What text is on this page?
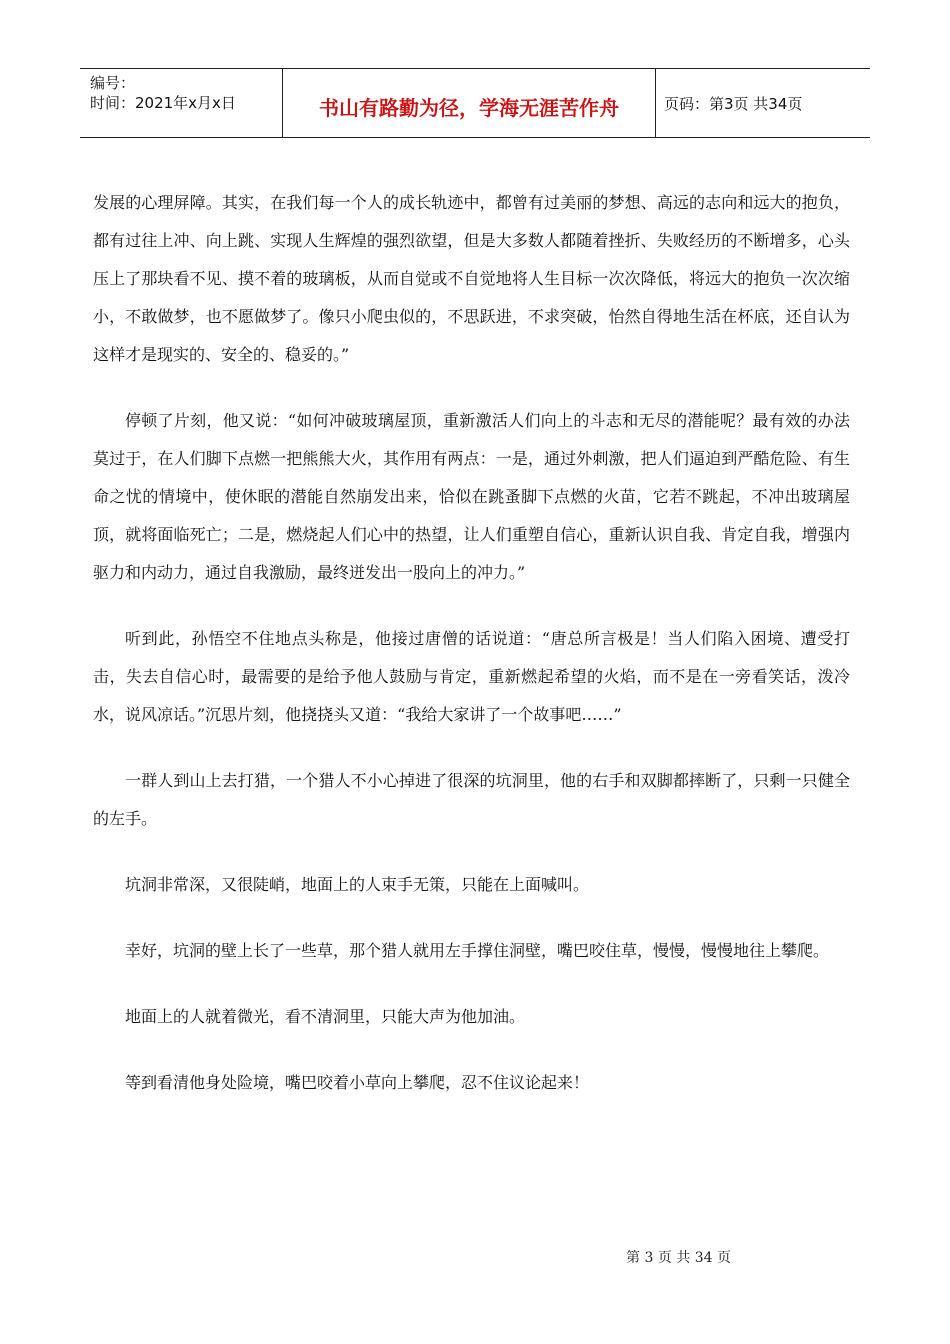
编号：
时间：2021年x月x日	书山有路勤为径，学海无涯苦作舟	页码：第3页 共34页

发展的心理屏障。其实，在我们每一个人的成长轨迹中，都曾有过美丽的梦想、高远的志向和远大的抱负，都有过往上冲、向上跳、实现人生辉煌的强烈欲望，但是大多数人都随着挫折、失败经历的不断增多，心头压上了那块看不见、摸不着的玻璃板，从而自觉或不自觉地将人生目标一次次降低，将远大的抱负一次次缩小，不敢做梦，也不愿做梦了。像只小爬虫似的，不思跃进，不求突破，怡然自得地生活在杯底，还自认为这样才是现实的、安全的、稳妥的。”

停顿了片刻，他又说：“如何冲破玻璃屋顶，重新激活人们向上的斗志和无尽的潜能呢？最有效的办法莫过于，在人们脚下点燃一把熊熊大火，其作用有两点：一是，通过外刺激，把人们逼迫到严酷危险、有生命之忧的情境中，使休眠的潜能自然崩发出来，恰似在跳蚤脚下点燃的火苗，它若不跳起，不冲出玻璃屋顶，就将面临死亡；二是，燃烧起人们心中的热望，让人们重塑自信心，重新认识自我、肯定自我，增强内驱力和内动力，通过自我激励，最终迸发出一股向上的冲力。”

听到此，孙悟空不住地点头称是，他接过唐僧的话说道：“唐总所言极是！当人们陷入困境、遭受打击，失去自信心时，最需要的是给予他人鼓励与肯定，重新燃起希望的火焰，而不是在一旁看笑话，泼冷水，说风凉话。”沉思片刻，他挠挠头又道：“我给大家讲了一个故事吧……”

一群人到山上去打猎，一个猎人不小心掉进了很深的坑洞里，他的右手和双脚都摔断了，只剩一只健全的左手。

坑洞非常深，又很陡峭，地面上的人束手无策，只能在上面喊叫。

幸好，坑洞的壁上长了一些草，那个猎人就用左手撑住洞壁，嘴巴咬住草，慢慢，慢慢地往上攀爬。

地面上的人就着微光，看不清洞里，只能大声为他加油。

等到看清他身处险境，嘴巴咬着小草向上攀爬，忍不住议论起来！

第 3 页 共 34 页
